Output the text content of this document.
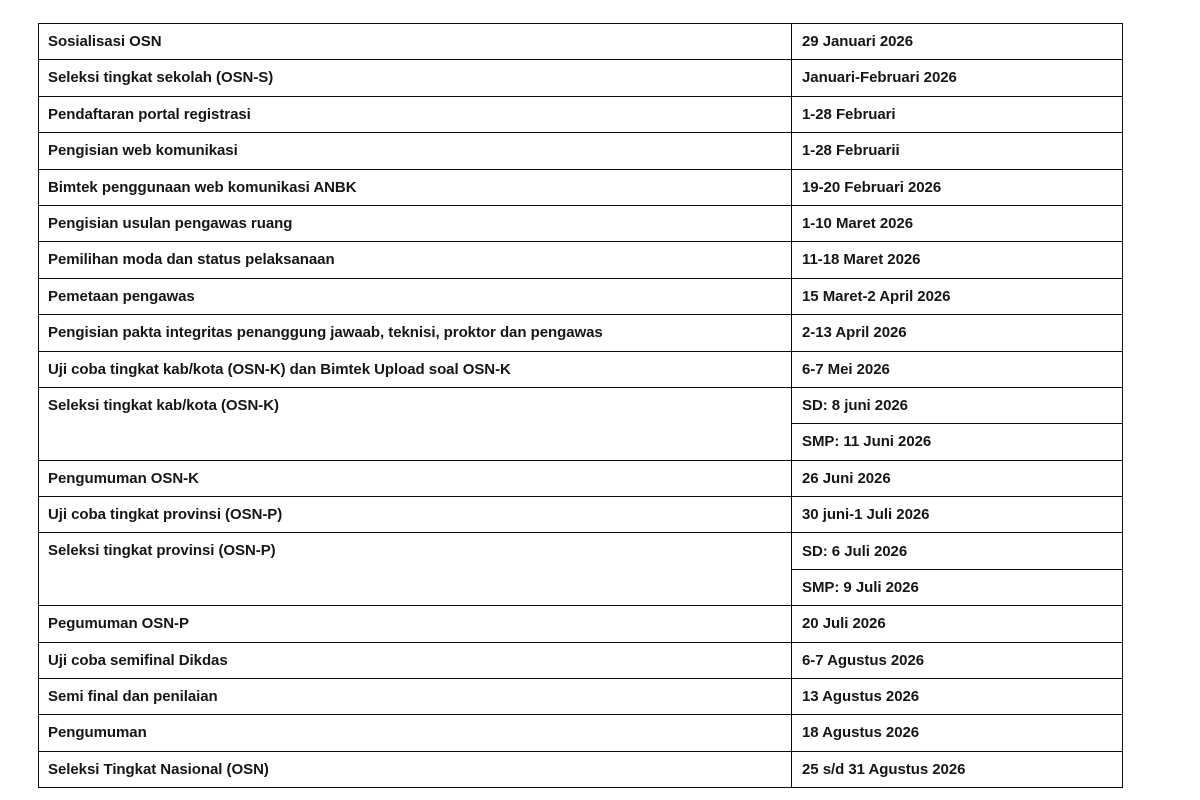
Sosialisasi OSN	29 Januari 2026
Seleksi tingkat sekolah (OSN-S)	Januari-Februari 2026
Pendaftaran portal registrasi	1-28 Februari
Pengisian web komunikasi	1-28 Februarii
Bimtek penggunaan web komunikasi ANBK	19-20 Februari 2026
Pengisian usulan pengawas ruang	1-10 Maret 2026
Pemilihan moda dan status pelaksanaan	11-18 Maret 2026
Pemetaan pengawas	15 Maret-2 April 2026
Pengisian pakta integritas penanggung jawaab, teknisi, proktor dan pengawas	2-13 April 2026
Uji coba tingkat kab/kota (OSN-K) dan Bimtek Upload soal OSN-K	6-7 Mei 2026
Seleksi tingkat kab/kota (OSN-K)	SD: 8 juni 2026
	SMP: 11 Juni 2026
Pengumuman OSN-K	26 Juni 2026
Uji coba tingkat provinsi (OSN-P)	30 juni-1 Juli 2026
Seleksi tingkat provinsi (OSN-P)	SD: 6 Juli 2026
	SMP: 9 Juli 2026
Pegumuman OSN-P	20 Juli 2026
Uji coba semifinal Dikdas	6-7 Agustus 2026
Semi final dan penilaian	13 Agustus 2026
Pengumuman	18 Agustus 2026
Seleksi Tingkat Nasional (OSN)	25 s/d 31 Agustus 2026
